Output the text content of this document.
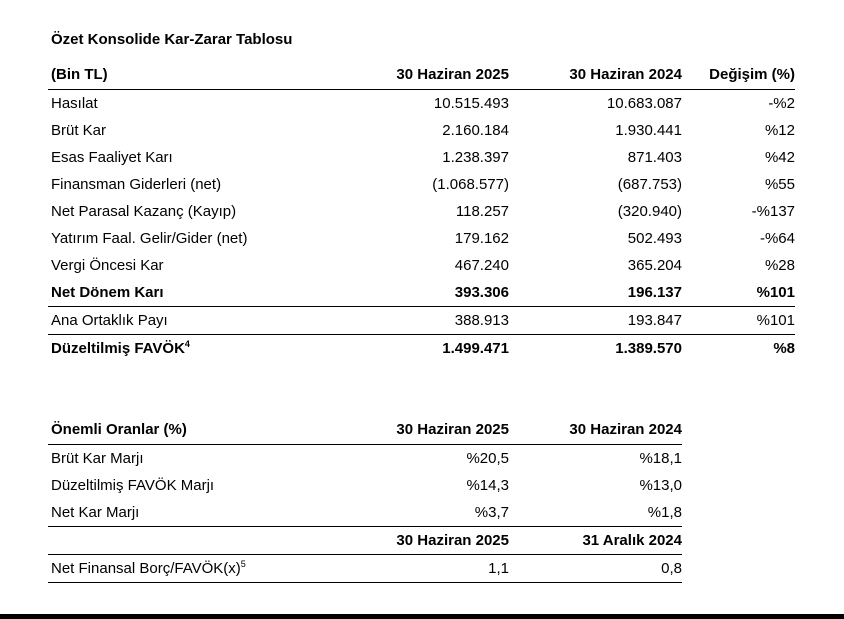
Özet Konsolide Kar-Zarar Tablosu
(Bin TL)	30 Haziran 2025	30 Haziran 2024	Değişim (%)
Hasılat	10.515.493	10.683.087	-%2
Brüt Kar	2.160.184	1.930.441	%12
Esas Faaliyet Karı	1.238.397	871.403	%42
Finansman Giderleri (net)	(1.068.577)	(687.753)	%55
Net Parasal Kazanç (Kayıp)	118.257	(320.940)	-%137
Yatırım Faal. Gelir/Gider (net)	179.162	502.493	-%64
Vergi Öncesi Kar	467.240	365.204	%28
Net Dönem Karı	393.306	196.137	%101
Ana Ortaklık Payı	388.913	193.847	%101
Düzeltilmiş FAVÖK$^4$	1.499.471	1.389.570	%8
Önemli Oranlar (%)	30 Haziran 2025	30 Haziran 2024
Brüt Kar Marjı	%20,5	%18,1
Düzeltilmiş FAVÖK Marjı	%14,3	%13,0
Net Kar Marjı	%3,7	%1,8
	30 Haziran 2025	31 Aralık 2024
Net Finansal Borç/$FAVÖK(x)^5$	1,1	0,8
